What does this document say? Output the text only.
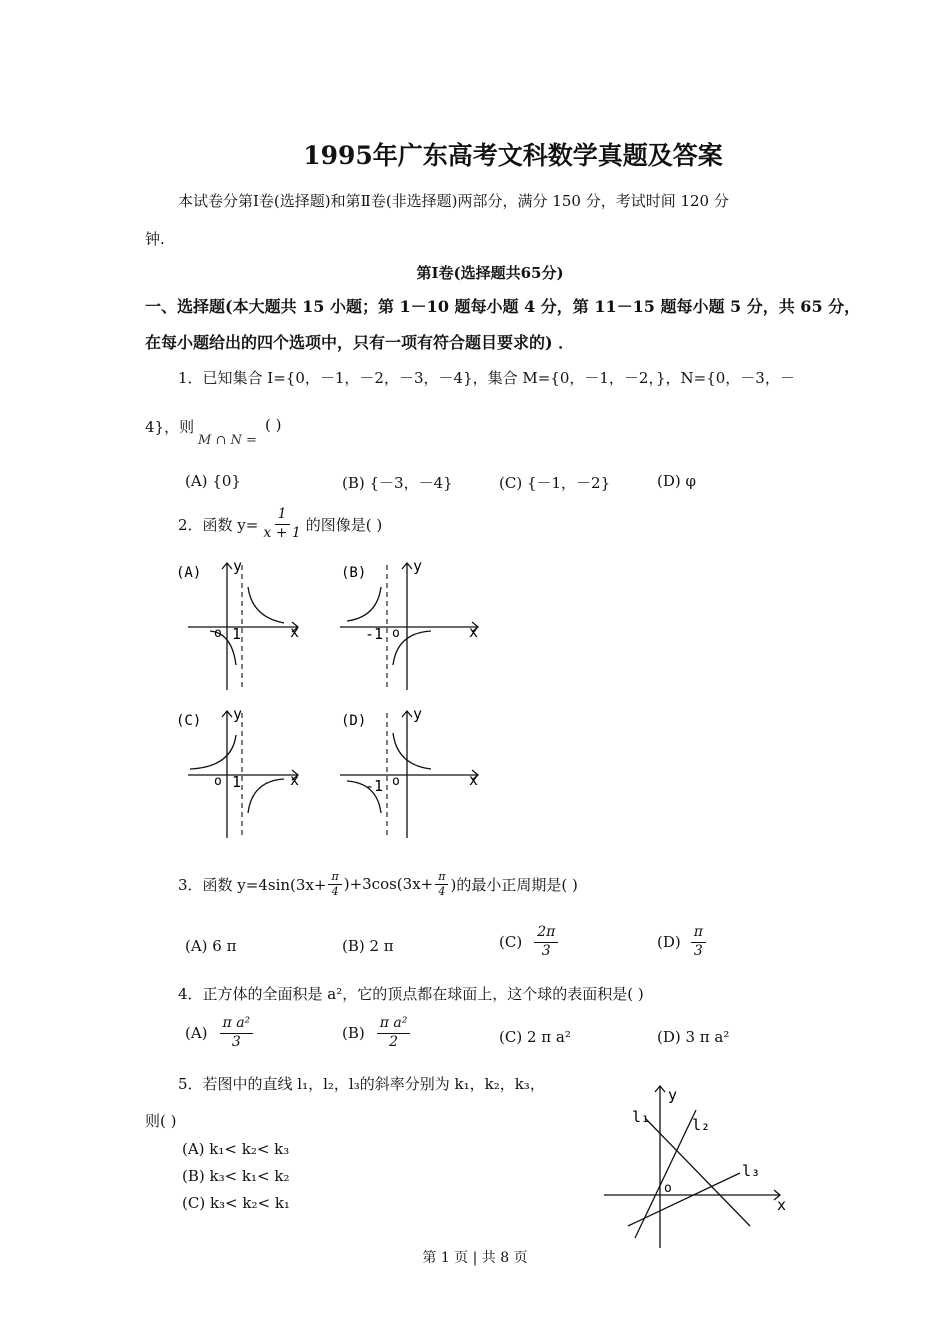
1995年广东高考文科数学真题及答案
本试卷分第Ⅰ卷(选择题)和第Ⅱ卷(非选择题)两部分，满分 150 分，考试时间 120 分
钟.
第Ⅰ卷(选择题共65分)
一、选择题(本大题共 15 小题；第 1－10 题每小题 4 分，第 11－15 题每小题 5 分，共 65 分，
在每小题给出的四个选项中，只有一项有符合题目要求的) ．
1．已知集合 I={0，－1，－2，－3，－4}，集合 M={0，－1，－2，}，N={0，－3，－
4}，则
M ∩ N =
( )
(A) {0}	(B) {－3，－4}	(C) {－1，－2}	(D) φ
2．函数 $y= \frac{1}{x + 1}$ 的图像是( )
(A)
o 1	x
y	(B)
-1 o	x
y
(C)
o 1	x
y	(D)
-1 o	x
y
3．函数 $y=4\sin(3x+ \frac{\pi}{4} )+3\cos(3x+ \frac{\pi}{4}$ )的最小正周期是( )
(A) 6 π	(B) 2 π	$(C) \frac{2\pi}{3}$	$(D) \frac{\pi}{3}$
4．正方体的全面积是 a²，它的顶点都在球面上，这个球的表面积是( )
$(A) \frac{\text{π a²}}{3}$	$(B) \frac{\text{π a²}}{2}$	(C) 2 π a²	(D) 3 π a²
5．若图中的直线 l₁，l₂，l₃的斜率分别为 k₁，k₂，k₃，
则( )
(A) k₁< k₂< k₃
(B) k₃< k₁< k₂
(C) k₃< k₂< k₁
l₁	l₂
l₃
o
x
y
第 1 页 | 共 8 页
